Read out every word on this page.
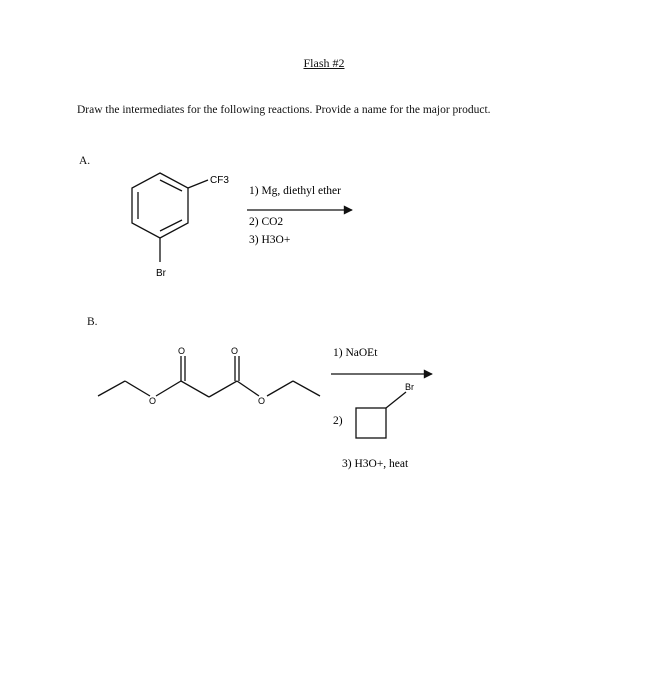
Flash #2
Draw the intermediates for the following reactions. Provide a name for the major product.
A.
B.
CF3
Br
1) Mg, diethyl ether
2) CO2
3) H3O+
O	O
O	O
1) NaOEt
2)
3) H3O+, heat
Br
